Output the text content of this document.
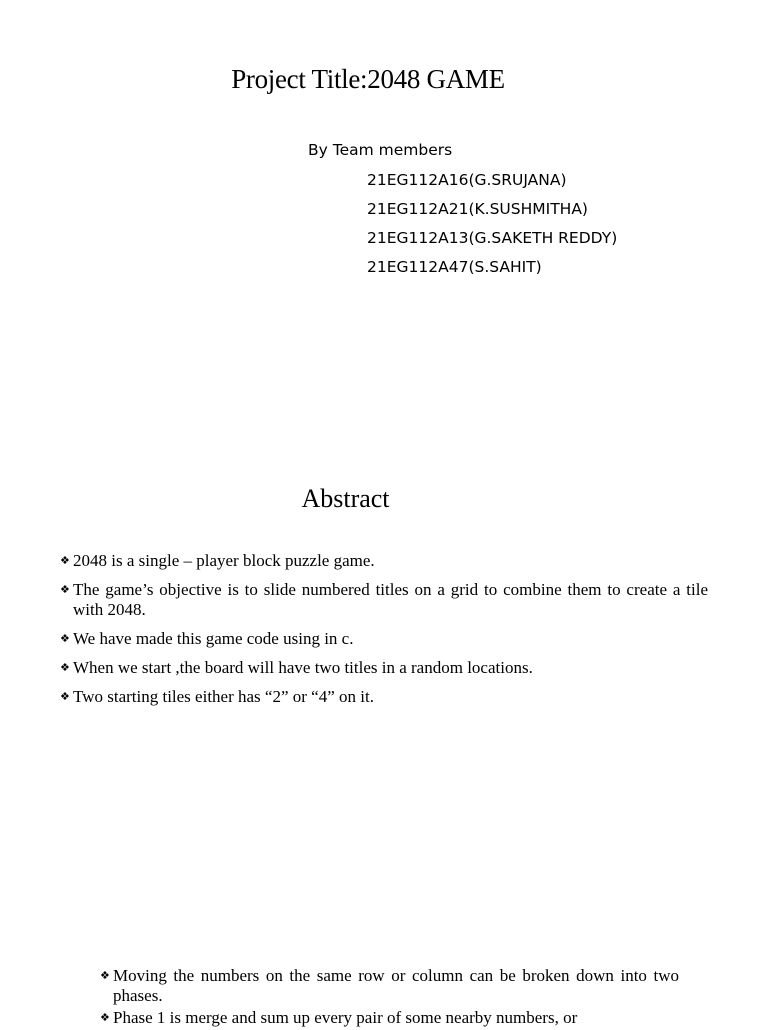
Project Title:2048 GAME
By Team members
21EG112A16(G.SRUJANA)
21EG112A21(K.SUSHMITHA)
21EG112A13(G.SAKETH REDDY)
21EG112A47(S.SAHIT)
Abstract
❖ 2048 is a single – player block puzzle game.
❖ The game’s objective is to slide numbered titles on a grid to combine them to create a tile with 2048.
❖ We have made this game code using in c.
❖ When we start ,the board will have two titles in a random locations.
❖ Two starting tiles either has “2” or “4” on it.
❖ Moving the numbers on the same row or column can be broken down into two phases.
❖ Phase 1 is merge and sum up every pair of some nearby numbers, or
